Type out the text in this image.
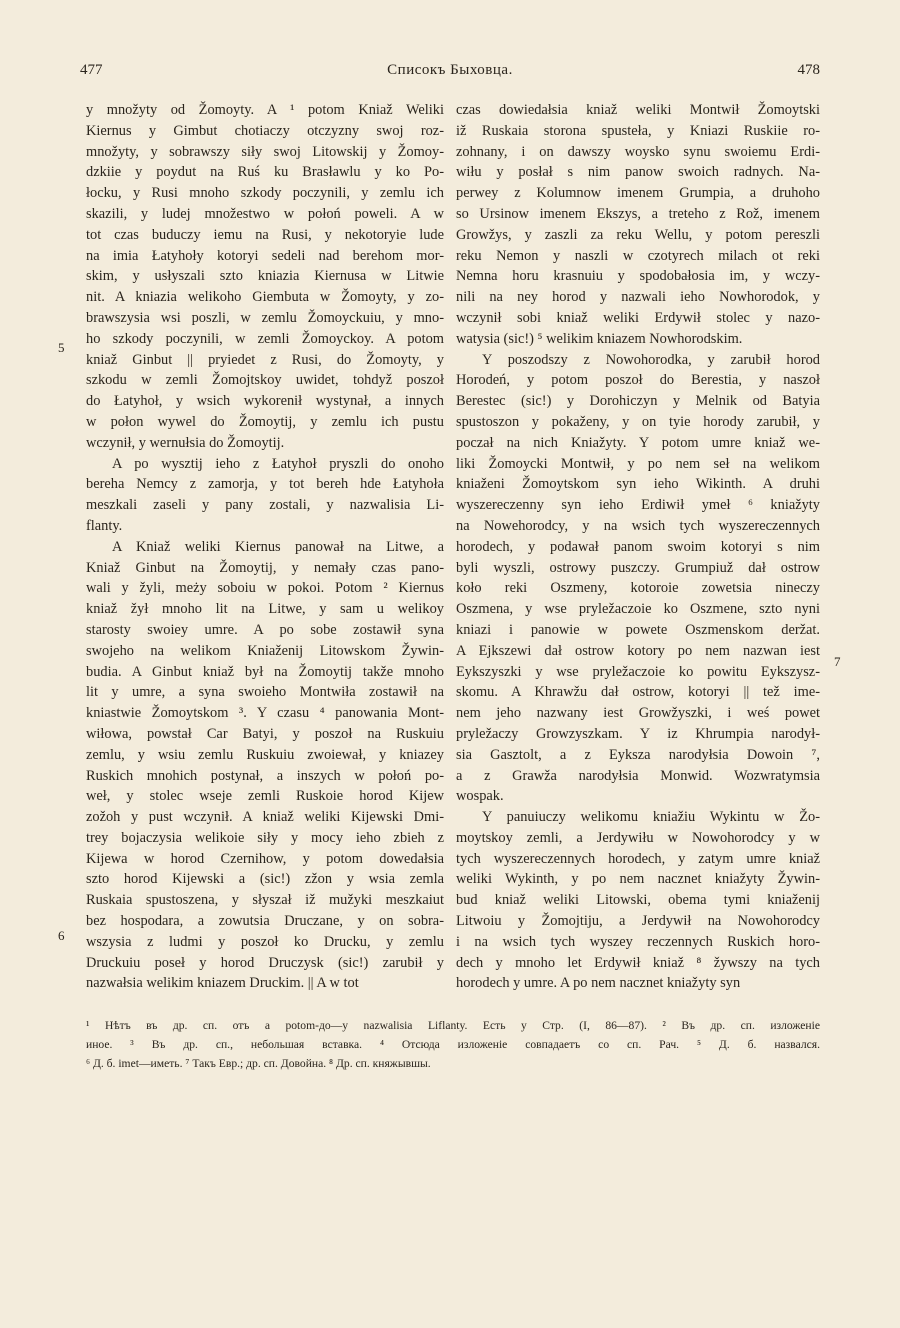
477	Списокъ Быховца.	478
y množyty od Žomoyty. A ¹ potom Kniaž Weliki
Kiernus y Gimbut chotiaczy otczyzny swoj roz-
množyty, y sobrawszy siły swoj Litowskij y Žomoy-
dzkiie y poydut na Ruś ku Brasławlu y ko Po-
łocku, y Rusi mnoho szkody poczynili, y zemlu ich
skazili, y ludej množestwo w połoń poweli. A w
tot czas buduczy iemu na Rusi, y nekotoryie lude
na imia Łatyhoły kotoryi sedeli nad berehom mor-
skim, y usłyszali szto kniazia Kiernusa w Litwie
nit. A kniazia welikoho Giembuta w Žomoyty, y zo-
brawszysia wsi poszli, w zemlu Žomoyckuiu, y mno-
ho szkody poczynili, w zemli Žomoyckoy. A potom
kniaž Ginbut || pryiedet z Rusi, do Žomoyty, y
szkodu w zemli Žomojtskoy uwidet, tohdyž poszoł
do Łatyhoł, y wsich wykorenił wystynał, a innych
w połon wywel do Žomoytij, y zemlu ich pustu
wczynił, y wernułsia do Žomoytij.
A po wysztij ieho z Łatyhoł pryszli do onoho
bereha Nemcy z zamorja, y tot bereh hde Łatyhoła
meszkali zaseli y pany zostali, y nazwalisia Li-
flanty.
A Kniaž weliki Kiernus panował na Litwe, a
Kniaž Ginbut na Žomoytij, y nemały czas pano-
wali y žyli, meży soboiu w pokoi. Potom ² Kiernus
kniaž žył mnoho lit na Litwe, y sam u welikoy
starosty swoiey umre. A po sobe zostawił syna
swojeho na welikom Kniaženij Litowskom Žywin-
budia. A Ginbut kniaž był na Žomoytij takže mnoho
lit y umre, a syna swoieho Montwiła zostawił na
kniastwie Žomoytskom ³. Y czasu ⁴ panowania Mont-
wiłowa, powstał Car Batyi, y poszoł na Ruskuiu
zemlu, y wsiu zemlu Ruskuiu zwoiewał, y kniazey
Ruskich mnohich postynał, a inszych w połoń po-
weł, y stolec wseje zemli Ruskoie horod Kijew
zožoh y pust wczynił. A kniaž weliki Kijewski Dmi-
trey bojaczysia welikoie siły y mocy ieho zbieh z
Kijewa w horod Czernihow, y potom dowedałsia
szto horod Kijewski a (sic!) zžon y wsia zemla
Ruskaia spustoszena, y słyszał iž mužyki meszkaiut
bez hospodara, a zowutsia Druczane, y on sobra-
wszysia z ludmi y poszoł ko Drucku, y zemlu
Druckuiu poseł y horod Druczysk (sic!) zarubił y
nazwałsia welikim kniazem Druckim. || A w tot
czas dowiedałsia kniaž weliki Montwił Žomoytski
iž Ruskaia storona spusteła, y Kniazi Ruskiie ro-
zohnany, i on dawszy woysko synu swoiemu Erdi-
wiłu y posłał s nim panow swoich radnych. Na-
perwey z Kolumnow imenem Grumpia, a druhoho
so Ursinow imenem Ekszys, a treteho z Rož, imenem
Growžys, y zaszli za reku Wellu, y potom pereszli
reku Nemon y naszli w czotyrech milach ot reki
Nemna horu krasnuiu y spodobałosia im, y wczy-
nili na ney horod y nazwali ieho Nowhorodok, y
wczynił sobi kniaž weliki Erdywił stolec y nazo-
watysia (sic!) ⁵ welikim kniazem Nowhorodskim.
Y poszodszy z Nowohorodka, y zarubił horod
Horodeń, y potom poszoł do Berestia, y naszoł
Berestec (sic!) y Dorohiczyn y Melnik od Batyia
spustoszon y pokaženy, y on tyie horody zarubił, y
poczał na nich Kniažyty. Y potom umre kniaž we-
liki Žomoycki Montwił, y po nem seł na welikom
kniaženi Žomoytskom syn ieho Wikinth. A druhi
wyszereczenny syn ieho Erdiwił ymeł ⁶ kniažyty
na Nowehorodcy, y na wsich tych wyszereczennych
horodech, y podawał panom swoim kotoryi s nim
byli wyszli, ostrowy puszczy. Grumpiuž dał ostrow
koło reki Oszmeny, kotoroie zowetsia nineczy
Oszmena, y wse pryležaczoie ko Oszmene, szto nyni
kniazi i panowie w powete Oszmenskom deržat.
A Ejkszewi dał ostrow kotory po nem nazwan iest
Eykszyszki y wse pryležaczoie ko powitu Eykszysz-
skomu. A Khrawžu dał ostrow, kotoryi || tež ime-
nem jeho nazwany iest Growžyszki, i weś powet
pryležaczy Growzyszkam. Y iz Khrumpia narodył-
sia Gasztolt, a z Eyksza narodyłsia Dowoin ⁷,
a z Grawža narodyłsia Monwid. Wozwratymsia
wospak.
Y panuiuczy welikomu kniažiu Wykintu w Žo-
moytskoy zemli, a Jerdywiłu w Nowohorodcy y w
tych wyszereczennych horodech, y zatym umre kniaž
weliki Wykinth, y po nem nacznet kniažyty Žywin-
bud kniaž weliki Litowski, obema tymi kniaženij
Litwoiu y Žomojtiju, a Jerdywił na Nowohorodcy
i na wsich tych wyszey reczennych Ruskich horo-
dech y mnoho let Erdywił kniaž ⁸ žywszy na tych
horodech y umre. A po nem nacznet kniažyty syn
5
6
7
¹ Нѣтъ въ др. сп. отъ a potom-до—y nazwalisia Liflanty. Есть у Стр. (I, 86—87). ² Въ др. сп. изложеніе
иное. ³ Въ др. сп., небольшая вставка. ⁴ Отсюда изложеніе совпадаетъ со сп. Рач. ⁵ Д. б. назвался.
⁶ Д. б. imet—иметь. ⁷ Такъ Евр.; др. сп. Довойна. ⁸ Др. сп. княжывшы.
